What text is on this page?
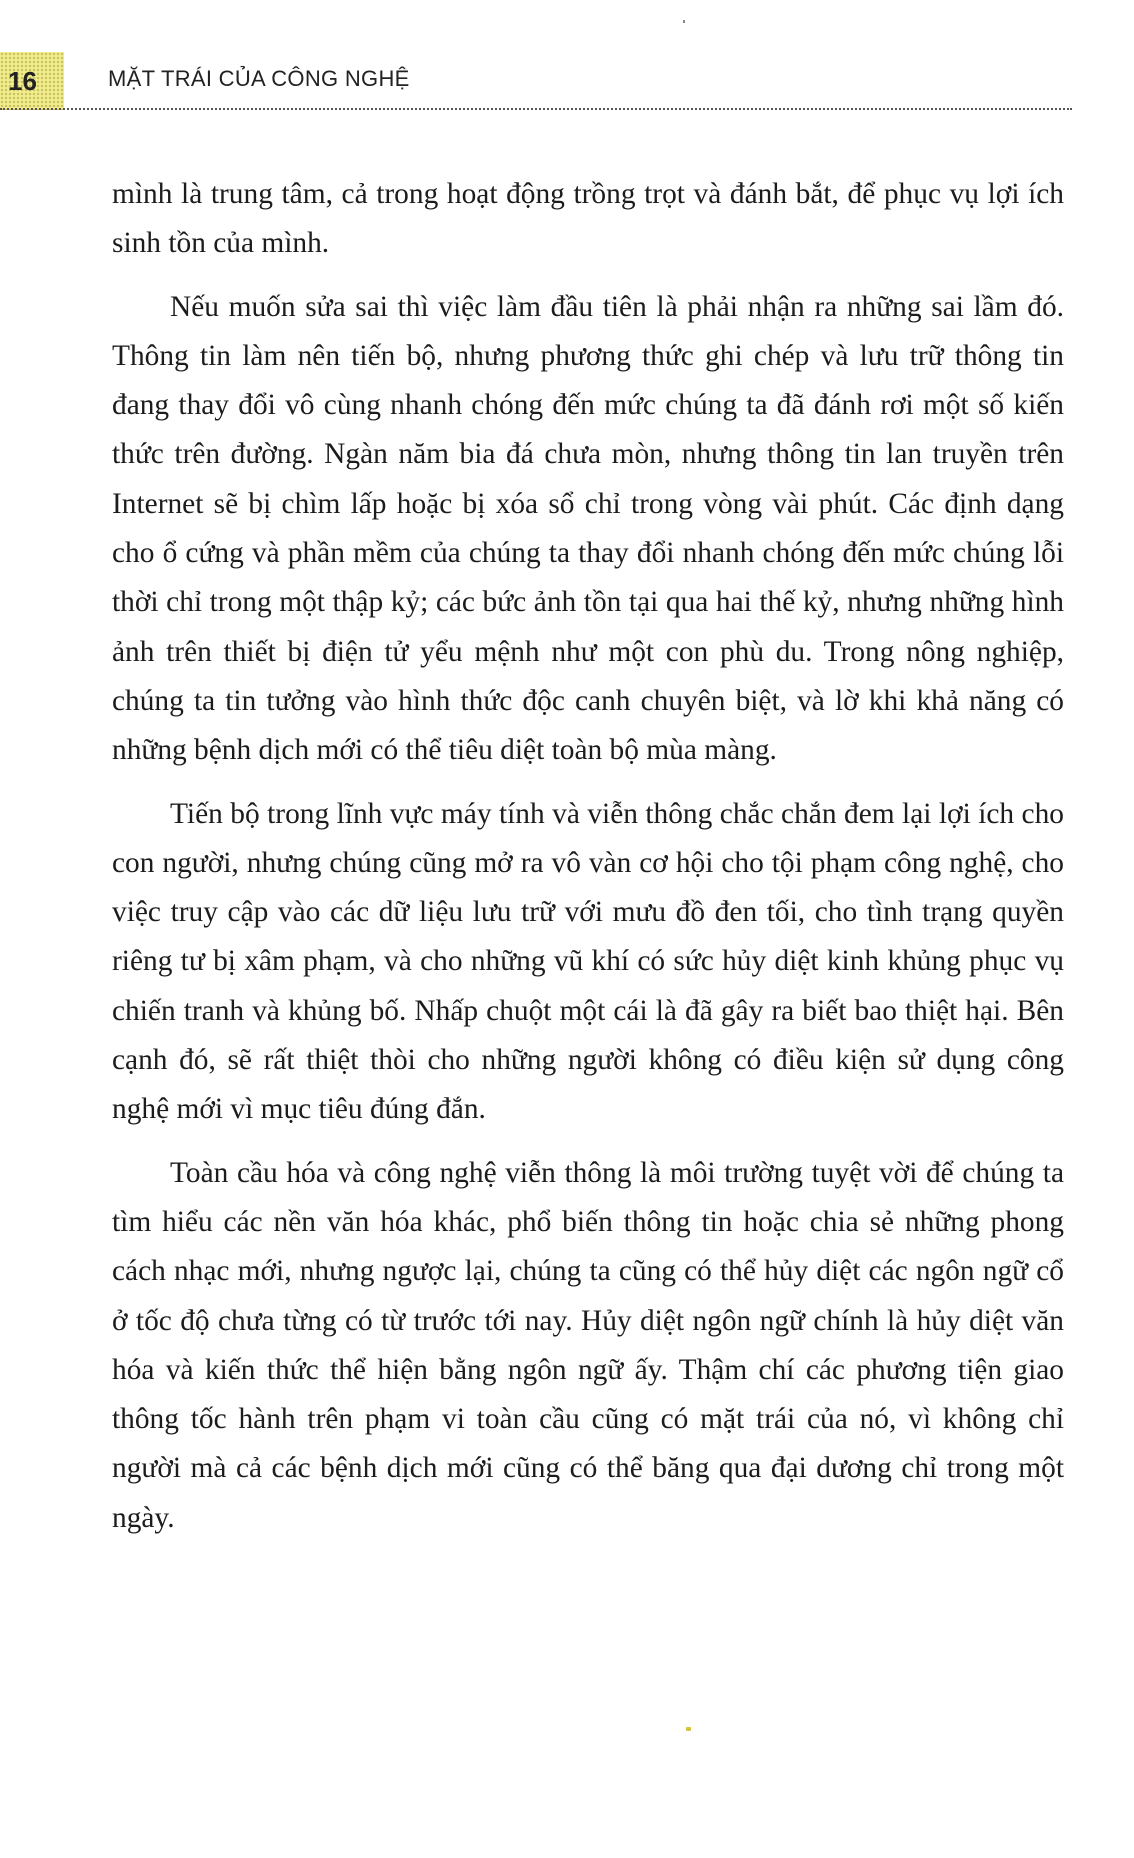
16	MẶT TRÁI CỦA CÔNG NGHỆ

mình là trung tâm, cả trong hoạt động trồng trọt và đánh bắt, để phục vụ lợi ích sinh tồn của mình.

Nếu muốn sửa sai thì việc làm đầu tiên là phải nhận ra những sai lầm đó. Thông tin làm nên tiến bộ, nhưng phương thức ghi chép và lưu trữ thông tin đang thay đổi vô cùng nhanh chóng đến mức chúng ta đã đánh rơi một số kiến thức trên đường. Ngàn năm bia đá chưa mòn, nhưng thông tin lan truyền trên Internet sẽ bị chìm lấp hoặc bị xóa sổ chỉ trong vòng vài phút. Các định dạng cho ổ cứng và phần mềm của chúng ta thay đổi nhanh chóng đến mức chúng lỗi thời chỉ trong một thập kỷ; các bức ảnh tồn tại qua hai thế kỷ, nhưng những hình ảnh trên thiết bị điện tử yểu mệnh như một con phù du. Trong nông nghiệp, chúng ta tin tưởng vào hình thức độc canh chuyên biệt, và lờ khi khả năng có những bệnh dịch mới có thể tiêu diệt toàn bộ mùa màng.

Tiến bộ trong lĩnh vực máy tính và viễn thông chắc chắn đem lại lợi ích cho con người, nhưng chúng cũng mở ra vô vàn cơ hội cho tội phạm công nghệ, cho việc truy cập vào các dữ liệu lưu trữ với mưu đồ đen tối, cho tình trạng quyền riêng tư bị xâm phạm, và cho những vũ khí có sức hủy diệt kinh khủng phục vụ chiến tranh và khủng bố. Nhấp chuột một cái là đã gây ra biết bao thiệt hại. Bên cạnh đó, sẽ rất thiệt thòi cho những người không có điều kiện sử dụng công nghệ mới vì mục tiêu đúng đắn.

Toàn cầu hóa và công nghệ viễn thông là môi trường tuyệt vời để chúng ta tìm hiểu các nền văn hóa khác, phổ biến thông tin hoặc chia sẻ những phong cách nhạc mới, nhưng ngược lại, chúng ta cũng có thể hủy diệt các ngôn ngữ cổ ở tốc độ chưa từng có từ trước tới nay. Hủy diệt ngôn ngữ chính là hủy diệt văn hóa và kiến thức thể hiện bằng ngôn ngữ ấy. Thậm chí các phương tiện giao thông tốc hành trên phạm vi toàn cầu cũng có mặt trái của nó, vì không chỉ người mà cả các bệnh dịch mới cũng có thể băng qua đại dương chỉ trong một ngày.
